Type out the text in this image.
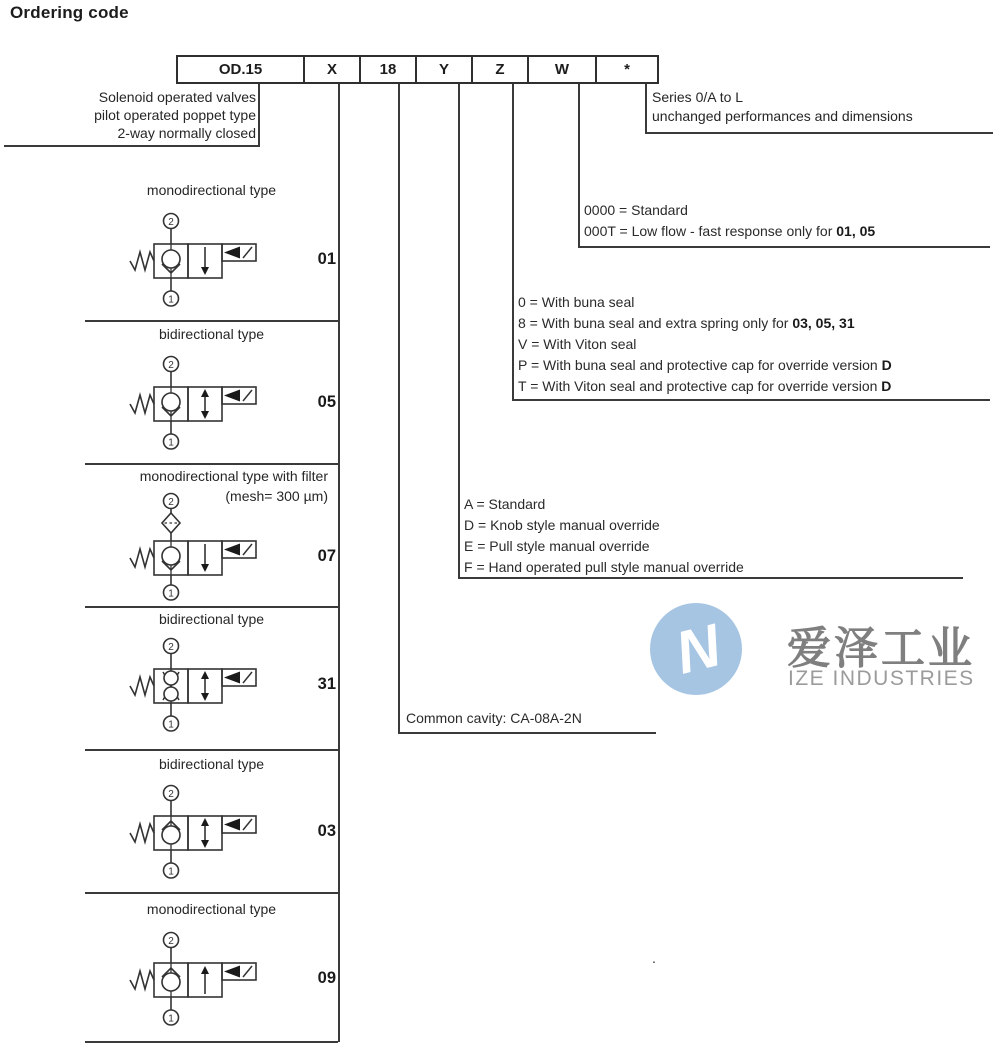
Ordering code
OD.15	X	18	Y	Z	W	*
Solenoid operated valves
pilot operated poppet type
2-way normally closed
Series 0/A to L
unchanged performances and dimensions
0000 = Standard
000T = Low flow - fast response only for 01, 05
0 = With buna seal
8 = With buna seal and extra spring only for 03, 05, 31
V = With Viton seal
P = With buna seal and protective cap for override version D
T = With Viton seal and protective cap for override version D
A = Standard
D = Knob style manual override
E = Pull style manual override
F = Hand operated pull style manual override
Common cavity: CA-08A-2N
N 爱泽工业
IZE INDUSTRIES
.
monodirectional type
2
1
01
bidirectional type
2
1
05
monodirectional type with filter
(mesh= 300 µm)
2
1
07
bidirectional type
2
1
31
bidirectional type
2
1
03
monodirectional type
2
1
09
